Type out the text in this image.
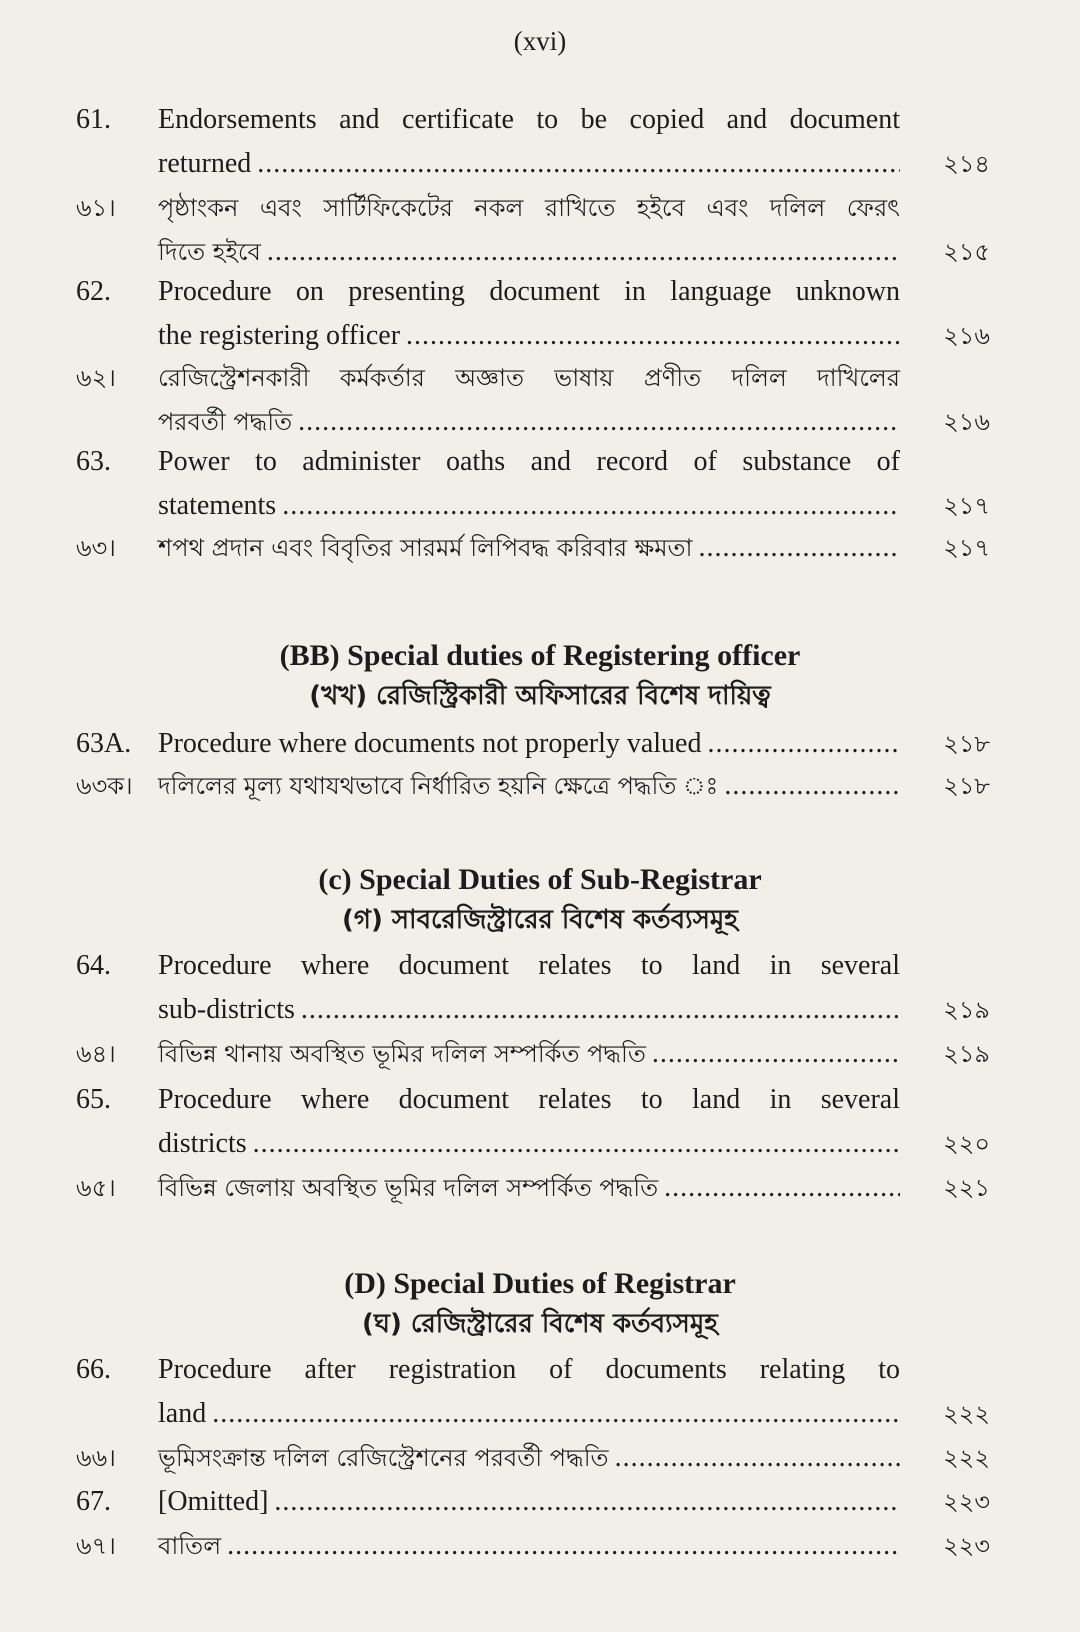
(xvi)
61. Endorsements and certificate to be copied and document
returned . . .	২১৪
৬১। পৃষ্ঠাংকন এবং সার্টিফিকেটের নকল রাখিতে হইবে এবং দলিল ফেরৎ
দিতে হইবে . . .	২১৫
62. Procedure on presenting document in language unknown
the registering officer . . .	২১৬
৬২। রেজিস্ট্রেশনকারী কর্মকর্তার অজ্ঞাত ভাষায় প্রণীত দলিল দাখিলের
পরবর্তী পদ্ধতি . . .	২১৬
63. Power to administer oaths and record of substance of
statements . . .	২১৭
৬৩। শপথ প্রদান এবং বিবৃতির সারমর্ম লিপিবদ্ধ করিবার ক্ষমতা . . .	২১৭
(BB) Special duties of Registering officer
(খখ) রেজিস্ট্রিকারী অফিসারের বিশেষ দায়িত্ব
63A. Procedure where documents not properly valued . . .	২১৮
৬৩ক। দলিলের মূল্য যথাযথভাবে নির্ধারিত হয়নি ক্ষেত্রে পদ্ধতি ঃ . . .	২১৮
(c) Special Duties of Sub-Registrar
(গ) সাবরেজিস্ট্রারের বিশেষ কর্তব্যসমূহ
64. Procedure where document relates to land in several
sub-districts . . .	২১৯
৬৪। বিভিন্ন থানায় অবস্থিত ভূমির দলিল সম্পর্কিত পদ্ধতি . . .	২১৯
65. Procedure where document relates to land in several
districts . . .	২২০
৬৫। বিভিন্ন জেলায় অবস্থিত ভূমির দলিল সম্পর্কিত পদ্ধতি . . .	২২১
(D) Special Duties of Registrar
(ঘ) রেজিস্ট্রারের বিশেষ কর্তব্যসমূহ
66. Procedure after registration of documents relating to
land . . .	২২২
৬৬। ভূমিসংক্রান্ত দলিল রেজিস্ট্রেশনের পরবর্তী পদ্ধতি . . .	২২২
67. [Omitted] . . .	২২৩
৬৭। বাতিল . . .	২২৩
